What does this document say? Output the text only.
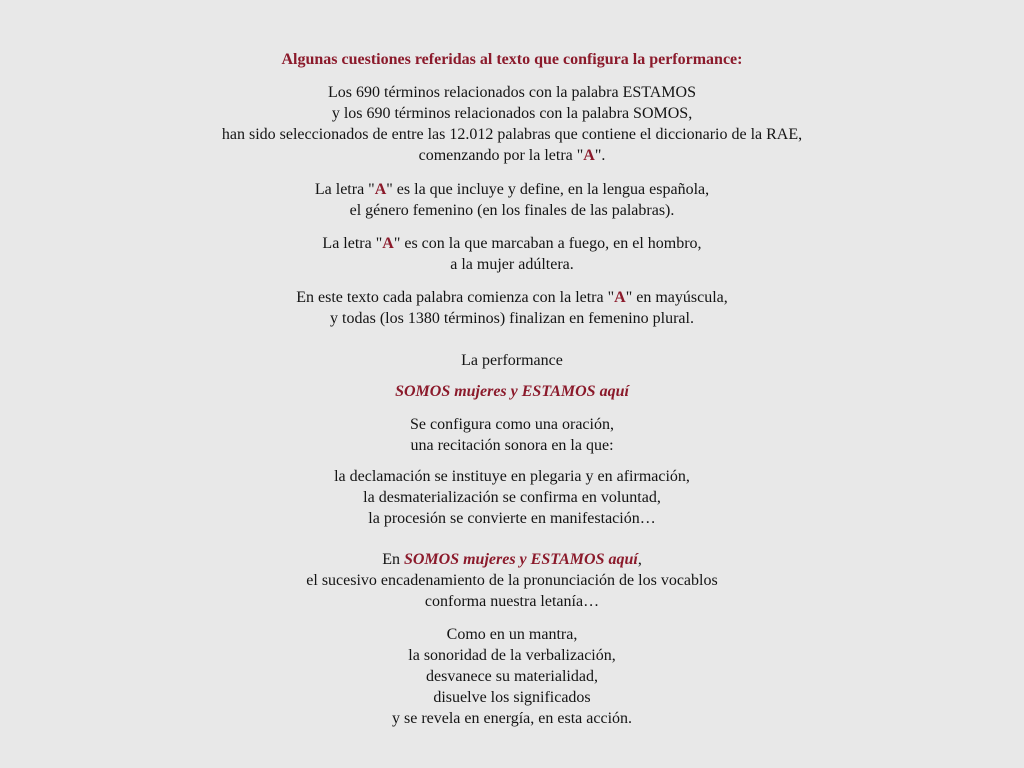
Algunas cuestiones referidas al texto que configura la performance:
Los 690 términos relacionados con la palabra ESTAMOS
y los 690 términos relacionados con la palabra SOMOS,
han sido seleccionados de entre las 12.012 palabras que contiene el diccionario de la RAE,
comenzando por la letra "A".
La letra "A" es la que incluye y define, en la lengua española,
el género femenino (en los finales de las palabras).
La letra "A" es con la que marcaban a fuego, en el hombro,
a la mujer adúltera.
En este texto cada palabra comienza con la letra "A" en mayúscula,
y todas (los 1380 términos) finalizan en femenino plural.
La performance
SOMOS mujeres y ESTAMOS aquí
Se configura como una oración,
una recitación sonora en la que:
la declamación se instituye en plegaria y en afirmación,
la desmaterialización se confirma en voluntad,
la procesión se convierte en manifestación…
En SOMOS mujeres y ESTAMOS aquí,
el sucesivo encadenamiento de la pronunciación de los vocablos
conforma nuestra letanía…
Como en un mantra,
la sonoridad de la verbalización,
desvanece su materialidad,
disuelve los significados
y se revela en energía, en esta acción.
